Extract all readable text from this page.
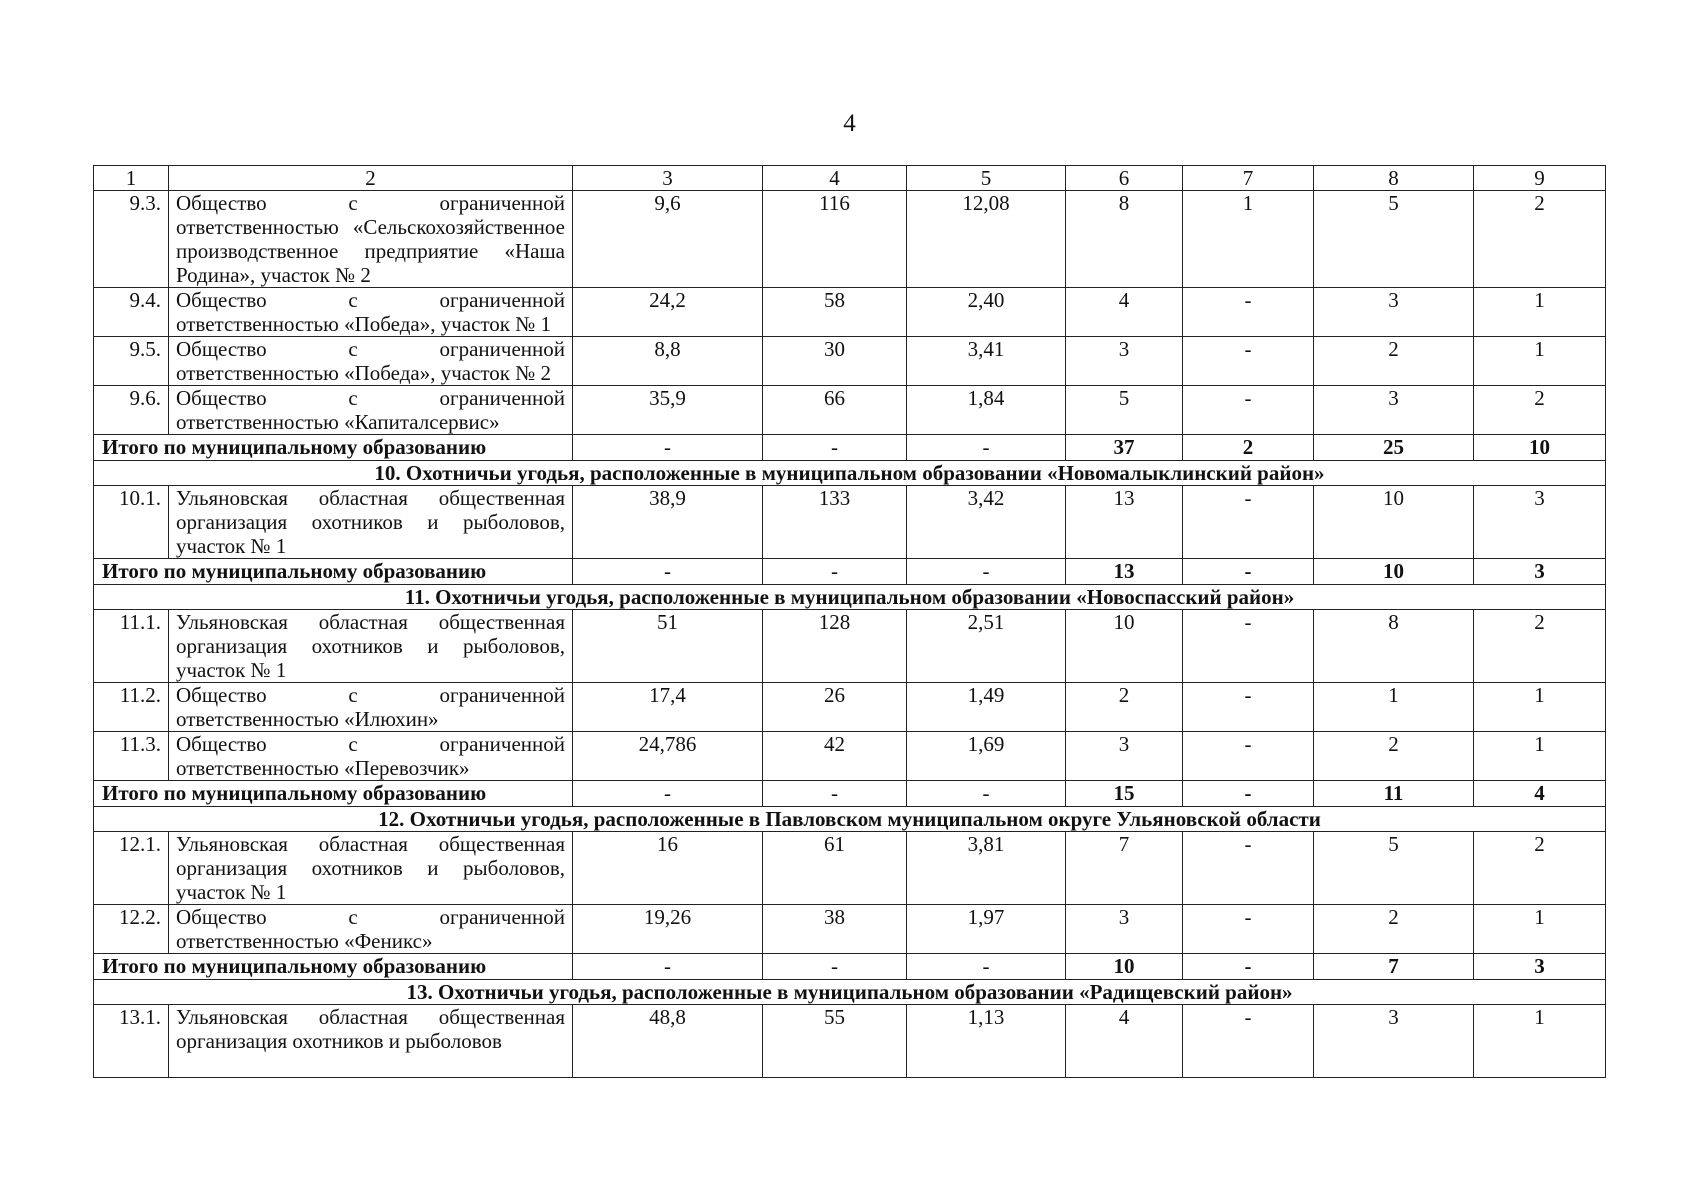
4
1	2	3	4	5	6	7	8	9
9.3.	Общество с ограниченной ответственностью «Сельскохозяйственное производственное предприятие «Наша Родина», участок № 2	9,6	116	12,08	8	1	5	2
9.4.	Общество с ограниченной ответственностью «Победа», участок № 1	24,2	58	2,40	4	-	3	1
9.5.	Общество с ограниченной ответственностью «Победа», участок № 2	8,8	30	3,41	3	-	2	1
9.6.	Общество с ограниченной ответственностью «Капиталсервис»	35,9	66	1,84	5	-	3	2
Итого по муниципальному образованию		-	-	-	37	2	25	10
10. Охотничьи угодья, расположенные в муниципальном образовании «Новомалыклинский район»								
10.1.	Ульяновская областная общественная организация охотников и рыболовов, участок № 1	38,9	133	3,42	13	-	10	3
Итого по муниципальному образованию		-	-	-	13	-	10	3
11. Охотничьи угодья, расположенные в муниципальном образовании «Новоспасский район»								
11.1.	Ульяновская областная общественная организация охотников и рыболовов, участок № 1	51	128	2,51	10	-	8	2
11.2.	Общество с ограниченной ответственностью «Илюхин»	17,4	26	1,49	2	-	1	1
11.3.	Общество с ограниченной ответственностью «Перевозчик»	24,786	42	1,69	3	-	2	1
Итого по муниципальному образованию		-	-	-	15	-	11	4
12. Охотничьи угодья, расположенные в Павловском муниципальном округе Ульяновской области								
12.1.	Ульяновская областная общественная организация охотников и рыболовов, участок № 1	16	61	3,81	7	-	5	2
12.2.	Общество с ограниченной ответственностью «Феникс»	19,26	38	1,97	3	-	2	1
Итого по муниципальному образованию		-	-	-	10	-	7	3
13. Охотничьи угодья, расположенные в муниципальном образовании «Радищевский район»								
13.1.	Ульяновская областная общественная организация охотников и рыболовов	48,8	55	1,13	4	-	3	1
